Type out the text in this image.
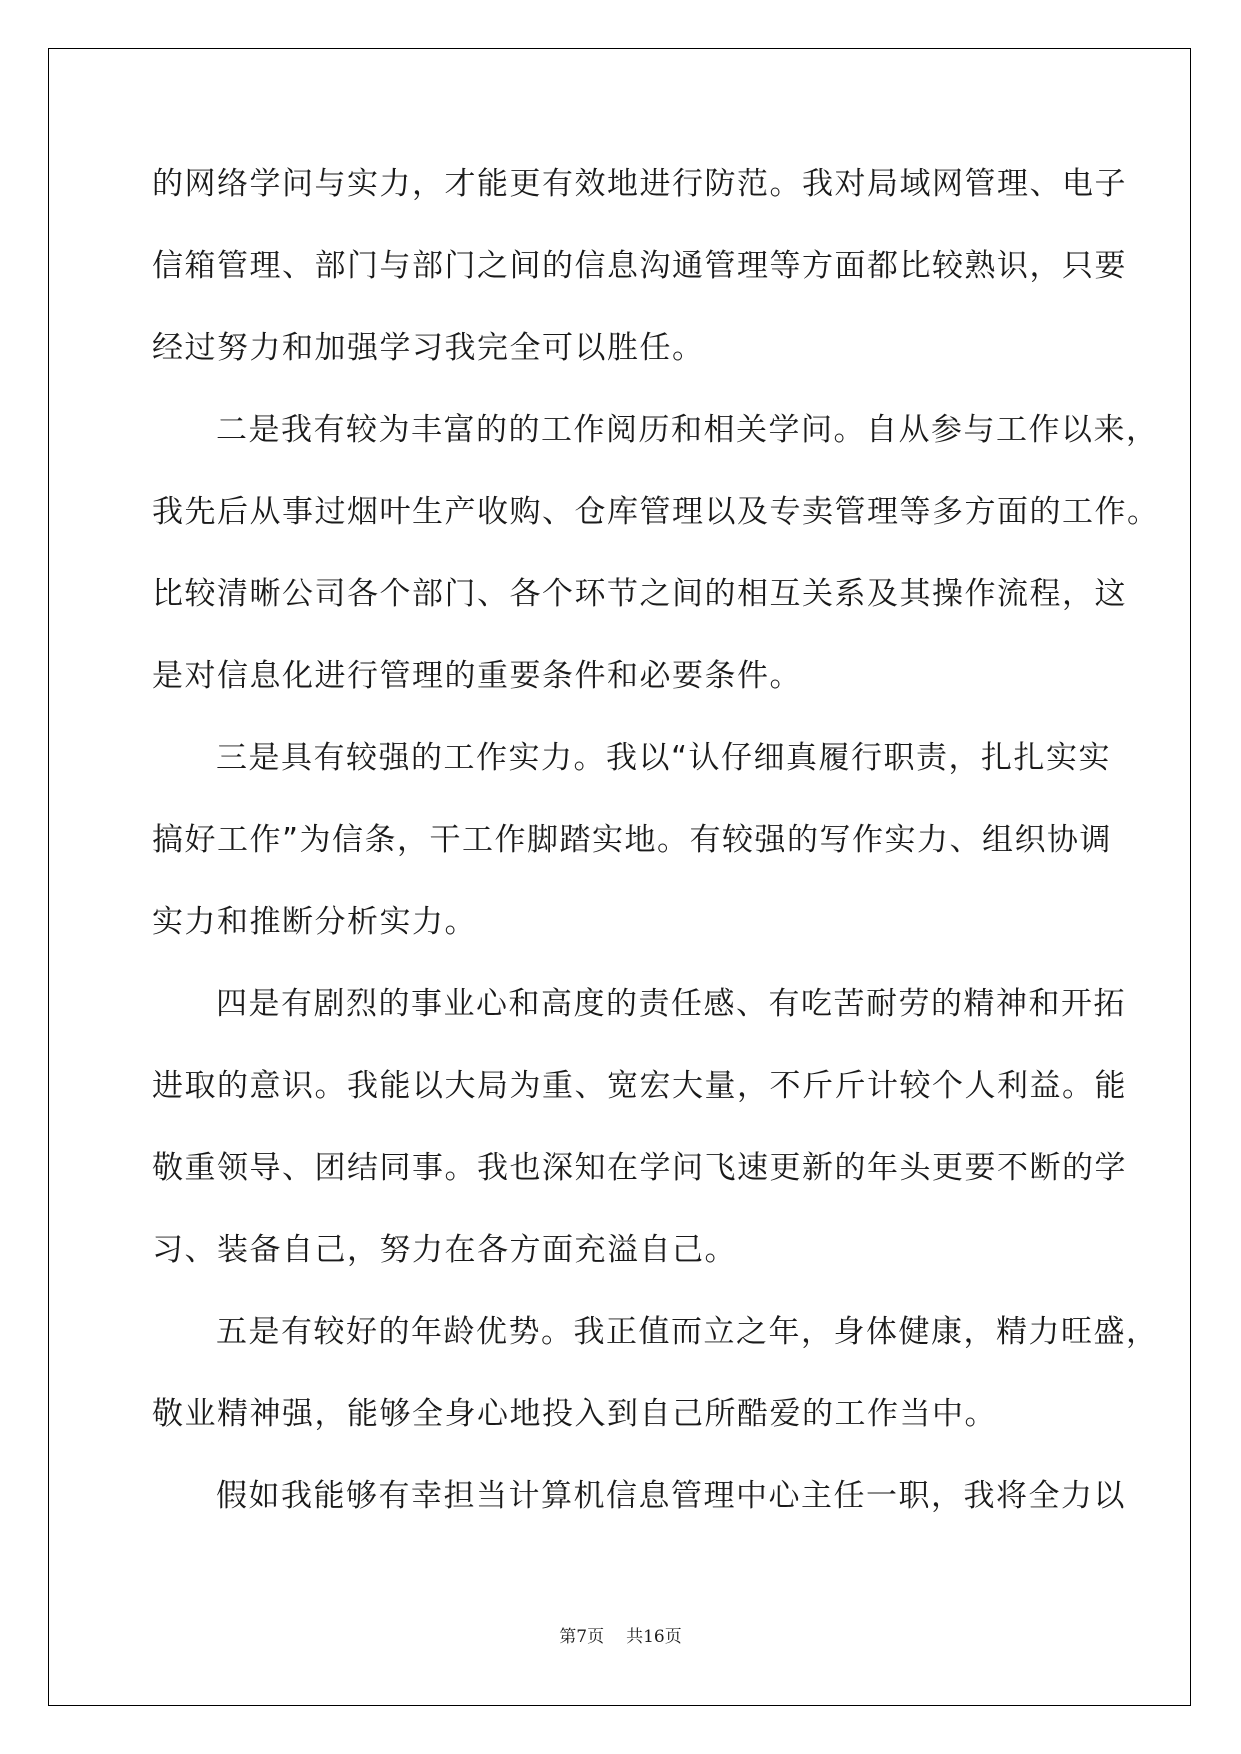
的网络学问与实力，才能更有效地进行防范。我对局域网管理、电子
信箱管理、部门与部门之间的信息沟通管理等方面都比较熟识，只要
经过努力和加强学习我完全可以胜任。
二是我有较为丰富的的工作阅历和相关学问。自从参与工作以来，
我先后从事过烟叶生产收购、仓库管理以及专卖管理等多方面的工作。
比较清晰公司各个部门、各个环节之间的相互关系及其操作流程，这
是对信息化进行管理的重要条件和必要条件。
三是具有较强的工作实力。我以“认仔细真履行职责，扎扎实实
搞好工作”为信条，干工作脚踏实地。有较强的写作实力、组织协调
实力和推断分析实力。
四是有剧烈的事业心和高度的责任感、有吃苦耐劳的精神和开拓
进取的意识。我能以大局为重、宽宏大量，不斤斤计较个人利益。能
敬重领导、团结同事。我也深知在学问飞速更新的年头更要不断的学
习、装备自己，努力在各方面充溢自己。
五是有较好的年龄优势。我正值而立之年，身体健康，精力旺盛，
敬业精神强，能够全身心地投入到自己所酷爱的工作当中。
假如我能够有幸担当计算机信息管理中心主任一职，我将全力以
第7页 共16页
